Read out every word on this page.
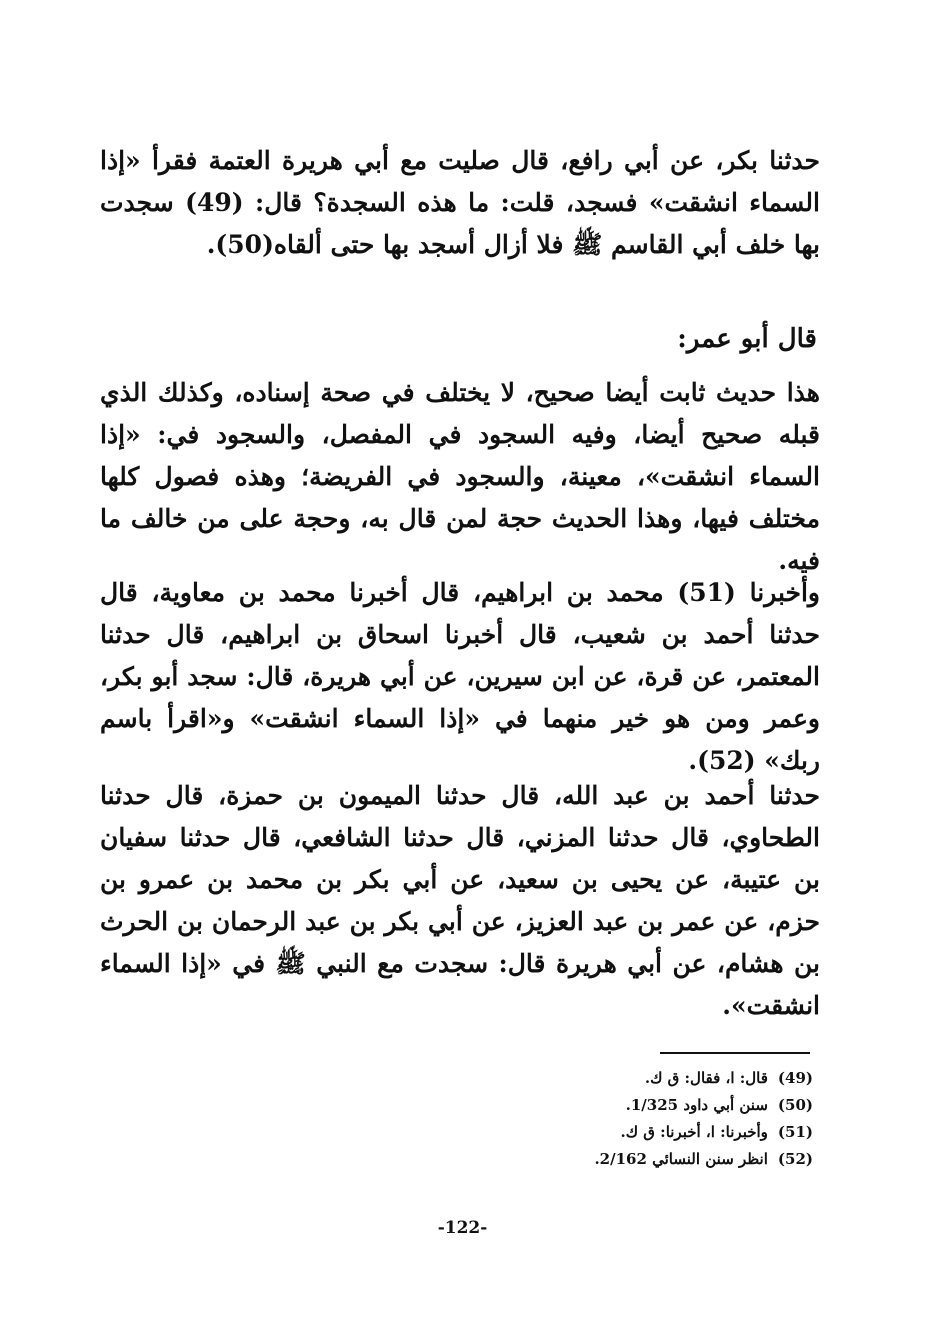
حدثنا بكر، عن أبي رافع، قال صليت مع أبي هريرة العتمة فقرأ «إذا السماء انشقت» فسجد، قلت: ما هذه السجدة؟ قال: (49) سجدت بها خلف أبي القاسم ﷺ فلا أزال أسجد بها حتى ألقاه(50).

قال أبو عمر:

هذا حديث ثابت أيضا صحيح، لا يختلف في صحة إسناده، وكذلك الذي قبله صحيح أيضا، وفيه السجود في المفصل، والسجود في: «إذا السماء انشقت»، معينة، والسجود في الفريضة؛ وهذه فصول كلها مختلف فيها، وهذا الحديث حجة لمن قال به، وحجة على من خالف ما فيه.

وأخبرنا (51) محمد بن ابراهيم، قال أخبرنا محمد بن معاوية، قال حدثنا أحمد بن شعيب، قال أخبرنا اسحاق بن ابراهيم، قال حدثنا المعتمر، عن قرة، عن ابن سيرين، عن أبي هريرة، قال: سجد أبو بكر، وعمر ومن هو خير منهما في «إذا السماء انشقت» و«اقرأ باسم ربك» (52).

حدثنا أحمد بن عبد الله، قال حدثنا الميمون بن حمزة، قال حدثنا الطحاوي، قال حدثنا المزني، قال حدثنا الشافعي، قال حدثنا سفيان بن عتيبة، عن يحيى بن سعيد، عن أبي بكر بن محمد بن عمرو بن حزم، عن عمر بن عبد العزيز، عن أبي بكر بن عبد الرحمان بن الحرث بن هشام، عن أبي هريرة قال: سجدت مع النبي ﷺ في «إذا السماء انشقت».

(49)قال: ا، فقال: ق ك.
(50)سنن أبي داود 1/325.
(51)وأخبرنا: ا، أخبرنا: ق ك.
(52)انظر سنن النسائي 2/162.
-122-
